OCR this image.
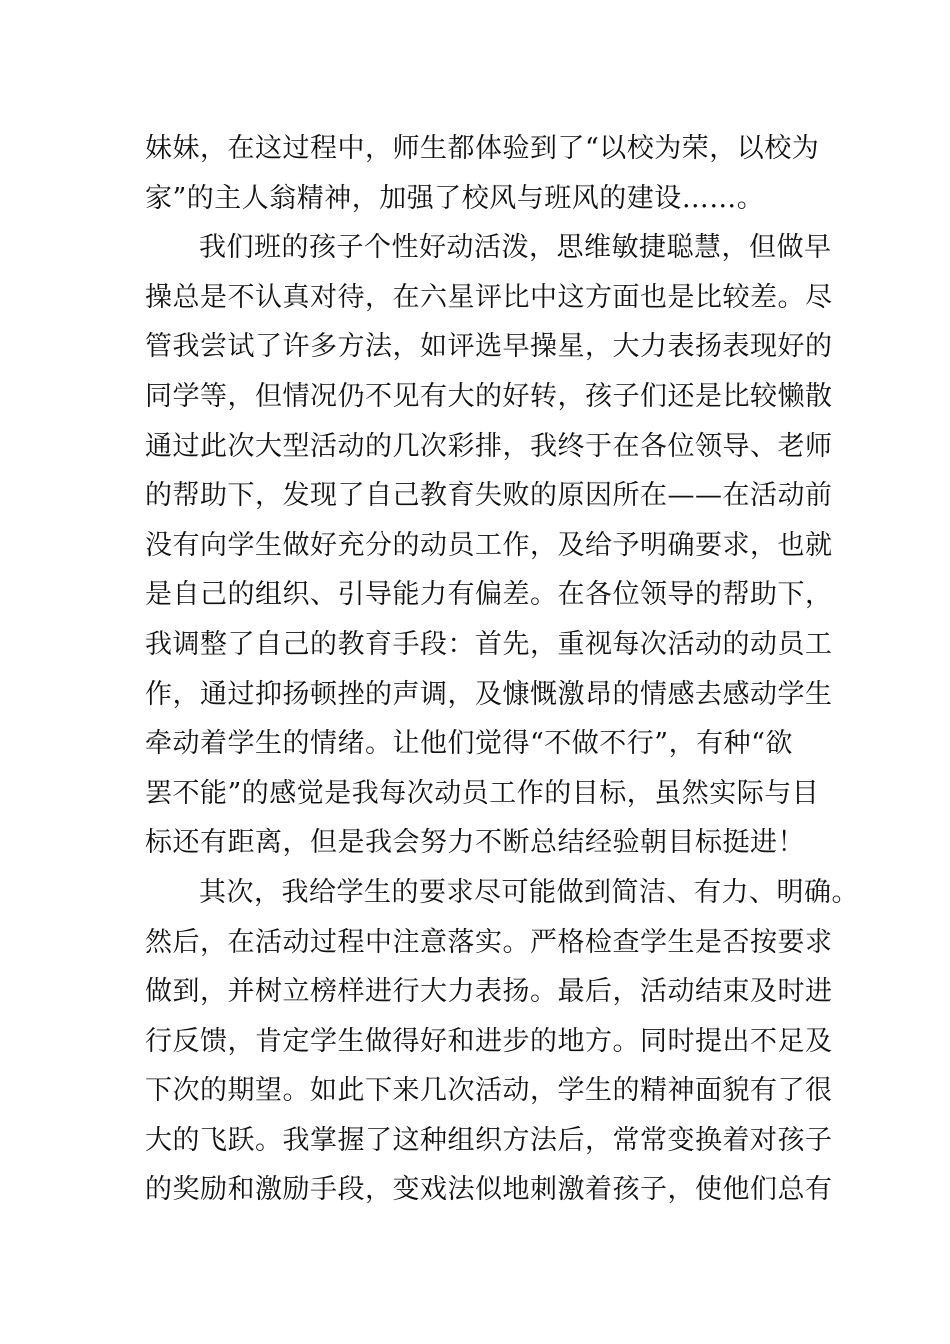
妹妹，在这过程中，师生都体验到了“以校为荣，以校为
家”的主人翁精神，加强了校风与班风的建设……。
我们班的孩子个性好动活泼，思维敏捷聪慧，但做早
操总是不认真对待，在六星评比中这方面也是比较差。尽
管我尝试了许多方法，如评选早操星，大力表扬表现好的
同学等，但情况仍不见有大的好转，孩子们还是比较懒散
通过此次大型活动的几次彩排，我终于在各位领导、老师
的帮助下，发现了自己教育失败的原因所在——在活动前
没有向学生做好充分的动员工作，及给予明确要求，也就
是自己的组织、引导能力有偏差。在各位领导的帮助下，
我调整了自己的教育手段：首先，重视每次活动的动员工
作，通过抑扬顿挫的声调，及慷慨激昂的情感去感动学生
牵动着学生的情绪。让他们觉得“不做不行”，有种“欲
罢不能”的感觉是我每次动员工作的目标，虽然实际与目
标还有距离，但是我会努力不断总结经验朝目标挺进！
其次，我给学生的要求尽可能做到简洁、有力、明确。
然后，在活动过程中注意落实。严格检查学生是否按要求
做到，并树立榜样进行大力表扬。最后，活动结束及时进
行反馈，肯定学生做得好和进步的地方。同时提出不足及
下次的期望。如此下来几次活动，学生的精神面貌有了很
大的飞跃。我掌握了这种组织方法后，常常变换着对孩子
的奖励和激励手段，变戏法似地刺激着孩子，使他们总有
